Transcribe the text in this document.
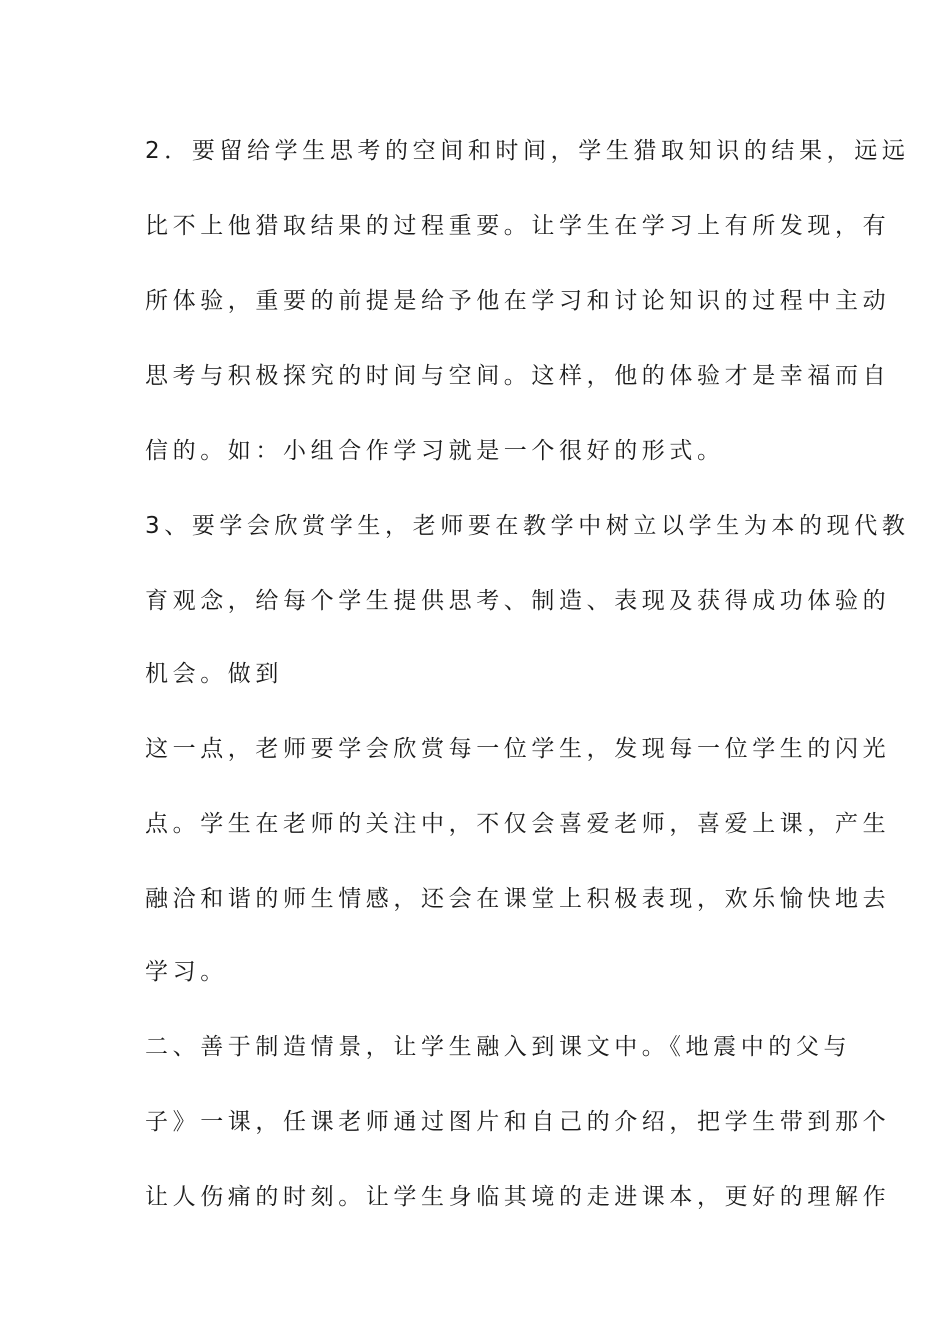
2．要留给学生思考的空间和时间，学生猎取知识的结果，远远
比不上他猎取结果的过程重要。让学生在学习上有所发现，有
所体验，重要的前提是给予他在学习和讨论知识的过程中主动
思考与积极探究的时间与空间。这样，他的体验才是幸福而自
信的。如：小组合作学习就是一个很好的形式。
3、要学会欣赏学生，老师要在教学中树立以学生为本的现代教
育观念，给每个学生提供思考、制造、表现及获得成功体验的
机会。做到
这一点，老师要学会欣赏每一位学生，发现每一位学生的闪光
点。学生在老师的关注中，不仅会喜爱老师，喜爱上课，产生
融洽和谐的师生情感，还会在课堂上积极表现，欢乐愉快地去
学习。
二、善于制造情景，让学生融入到课文中。《地震中的父与
子》一课，任课老师通过图片和自己的介绍，把学生带到那个
让人伤痛的时刻。让学生身临其境的走进课本，更好的理解作
